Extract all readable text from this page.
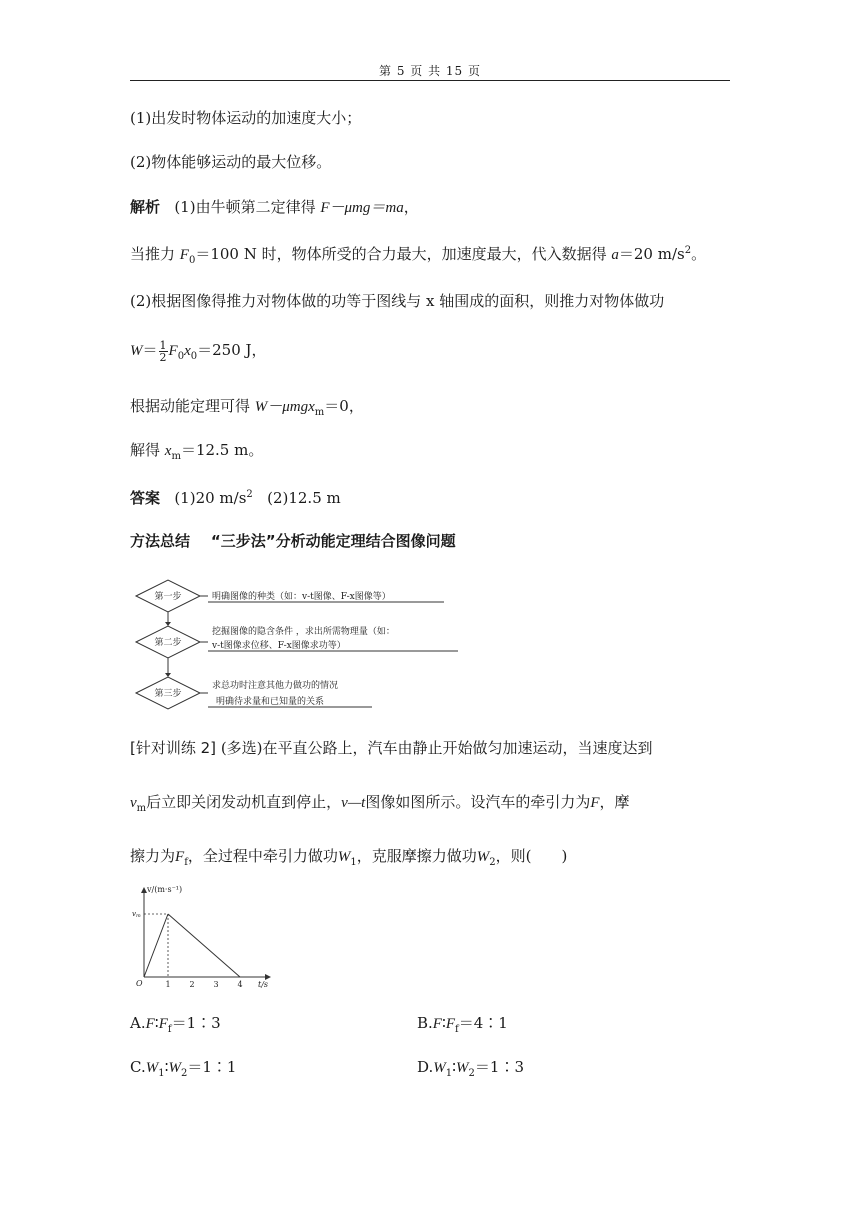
第 5 页 共 15 页
(1)出发时物体运动的加速度大小；
(2)物体能够运动的最大位移。
解析 (1)由牛顿第二定律得 F－μmg＝ma，
当推力 $F_0=100$ N 时，物体所受的合力最大，加速度最大，代入数据得 a＝20 $m/s^2$。
(2)根据图像得推力对物体做的功等于图线与 x 轴围成的面积，则推力对物体做功
$W= \frac{1}{2} F_0x_0=250$ J，
根据动能定理可得 W－μmgx$_m$＝0，
解得 $x_m=12.5$ m。
答案 (1)20 $m/s^2$ (2)12.5 m
方法总结 “三步法”分析动能定理结合图像问题
第一步
第二步
第三步
明确图像的种类（如：v-t图像、F-x图像等）
挖掘图像的隐含条件 ，求出所需物理量（如：
v-t图像求位移、F-x图像求功等）
求总功时注意其他力做功的情况
明确待求量和已知量的关系
[针对训练 2] (多选)在平直公路上，汽车由静止开始做匀加速运动，当速度达到
$v_m$后立即关闭发动机直到停止，v—t图像如图所示。设汽车的牵引力为F，摩
擦力为$F_f$，全过程中牵引力做功$W_1$，克服摩擦力做功$W_2$，则(　　)
v/(m·s⁻¹)
vm
O	1 2 3 4 t/s
$A.F∶F_f=1∶3$	$B.F∶F_f=4∶1$
$C.W_1∶W_2=1∶1$	$D.W_1∶W_2=1∶3$
